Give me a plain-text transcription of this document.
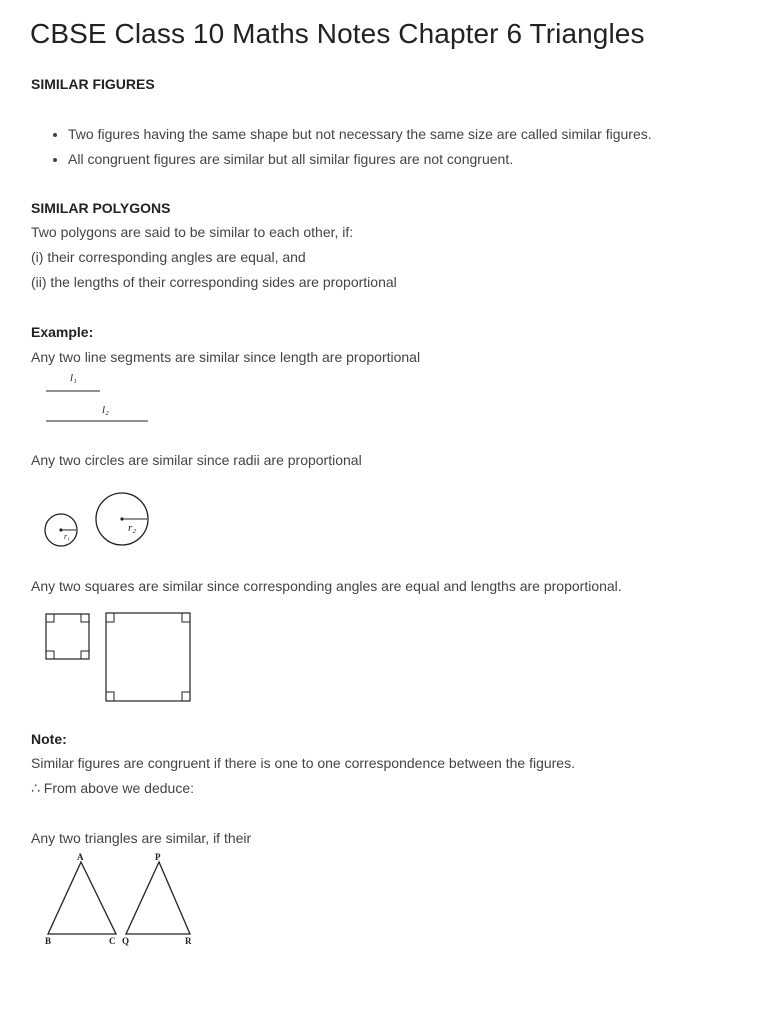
CBSE Class 10 Maths Notes Chapter 6 Triangles
SIMILAR FIGURES
• Two figures having the same shape but not necessary the same size are called similar figures.
• All congruent figures are similar but all similar figures are not congruent.
SIMILAR POLYGONS

Two polygons are said to be similar to each other, if:

(i) their corresponding angles are equal, and

(ii) the lengths of their corresponding sides are proportional

Example:

Any two line segments are similar since length are proportional

l₁
l₂

Any two circles are similar since radii are proportional

r₁
r₂

Any two squares are similar since corresponding angles are equal and lengths are proportional.

Note:

Similar figures are congruent if there is one to one correspondence between the figures.

∴ From above we deduce:

Any two triangles are similar, if their

A
B	C
P
Q	R
